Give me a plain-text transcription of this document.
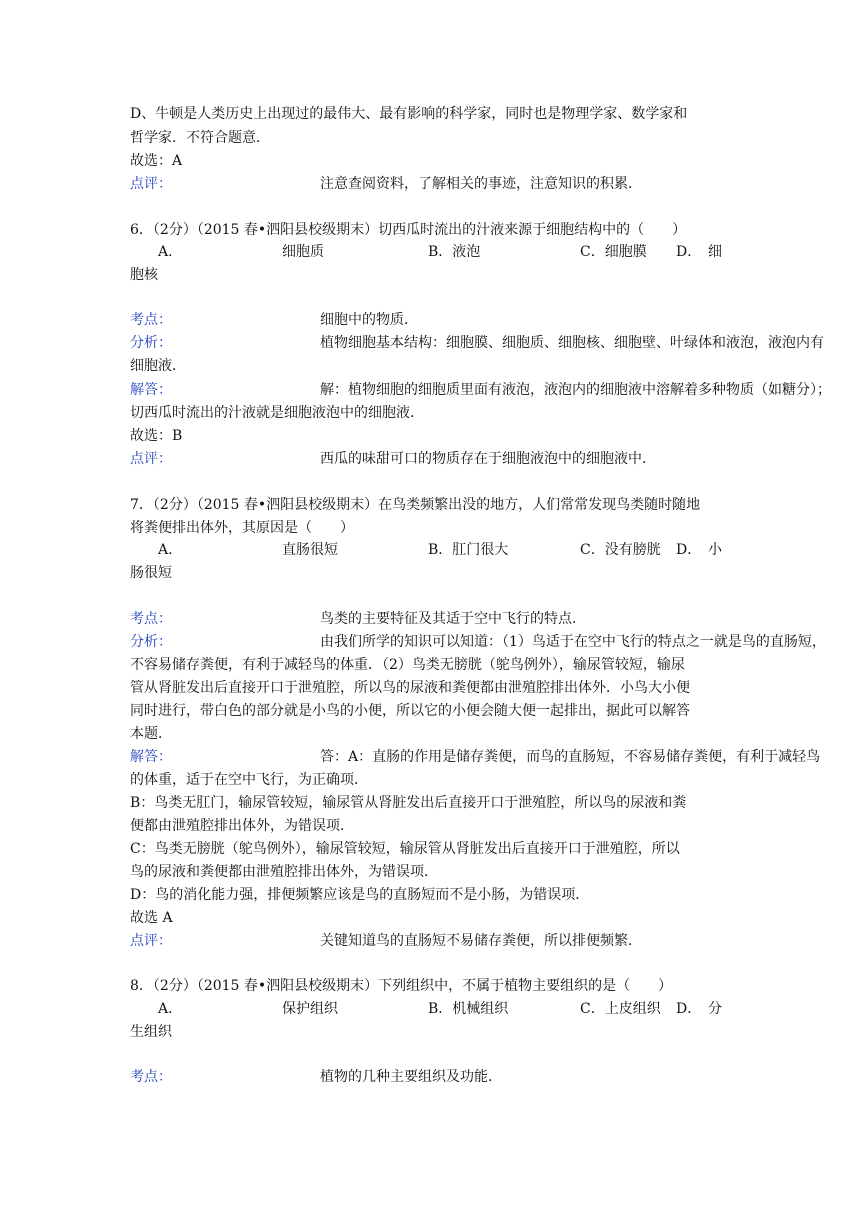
D、牛顿是人类历史上出现过的最伟大、最有影响的科学家，同时也是物理学家、数学家和
哲学家．不符合题意．
故选：A
点评：	注意查阅资料，了解相关的事迹，注意知识的积累．
6．（2分）（2015 春•泗阳县校级期末）切西瓜时流出的汁液来源于细胞结构中的（　　）
A．	细胞质	B．液泡	C．细胞膜 D． 细
胞核
考点：	细胞中的物质．
分析：	植物细胞基本结构：细胞膜、细胞质、细胞核、细胞壁、叶绿体和液泡，液泡内有
细胞液．
解答：	解：植物细胞的细胞质里面有液泡，液泡内的细胞液中溶解着多种物质（如糖分）；
切西瓜时流出的汁液就是细胞液泡中的细胞液．
故选：B
点评：	西瓜的味甜可口的物质存在于细胞液泡中的细胞液中．
7．（2分）（2015 春•泗阳县校级期末）在鸟类频繁出没的地方，人们常常发现鸟类随时随地
将粪便排出体外，其原因是（　　）
A．	直肠很短	B．肛门很大	C．没有膀胱 D． 小
肠很短
考点：	鸟类的主要特征及其适于空中飞行的特点．
分析：	由我们所学的知识可以知道：（1）鸟适于在空中飞行的特点之一就是鸟的直肠短，
不容易储存粪便，有利于减轻鸟的体重．（2）鸟类无膀胱（鸵鸟例外），输尿管较短，输尿
管从肾脏发出后直接开口于泄殖腔，所以鸟的尿液和粪便都由泄殖腔排出体外．小鸟大小便
同时进行，带白色的部分就是小鸟的小便，所以它的小便会随大便一起排出，据此可以解答
本题．
解答：	答：A：直肠的作用是储存粪便，而鸟的直肠短，不容易储存粪便，有利于减轻鸟
的体重，适于在空中飞行，为正确项．
B：鸟类无肛门，输尿管较短，输尿管从肾脏发出后直接开口于泄殖腔，所以鸟的尿液和粪
便都由泄殖腔排出体外，为错误项．
C：鸟类无膀胱（鸵鸟例外），输尿管较短，输尿管从肾脏发出后直接开口于泄殖腔，所以
鸟的尿液和粪便都由泄殖腔排出体外，为错误项．
D：鸟的消化能力强，排便频繁应该是鸟的直肠短而不是小肠，为错误项．
故选 A
点评：	关键知道鸟的直肠短不易储存粪便，所以排便频繁．
8．（2分）（2015 春•泗阳县校级期末）下列组织中，不属于植物主要组织的是（　　）
A．	保护组织	B．机械组织	C．上皮组织 D． 分
生组织
考点：	植物的几种主要组织及功能．
